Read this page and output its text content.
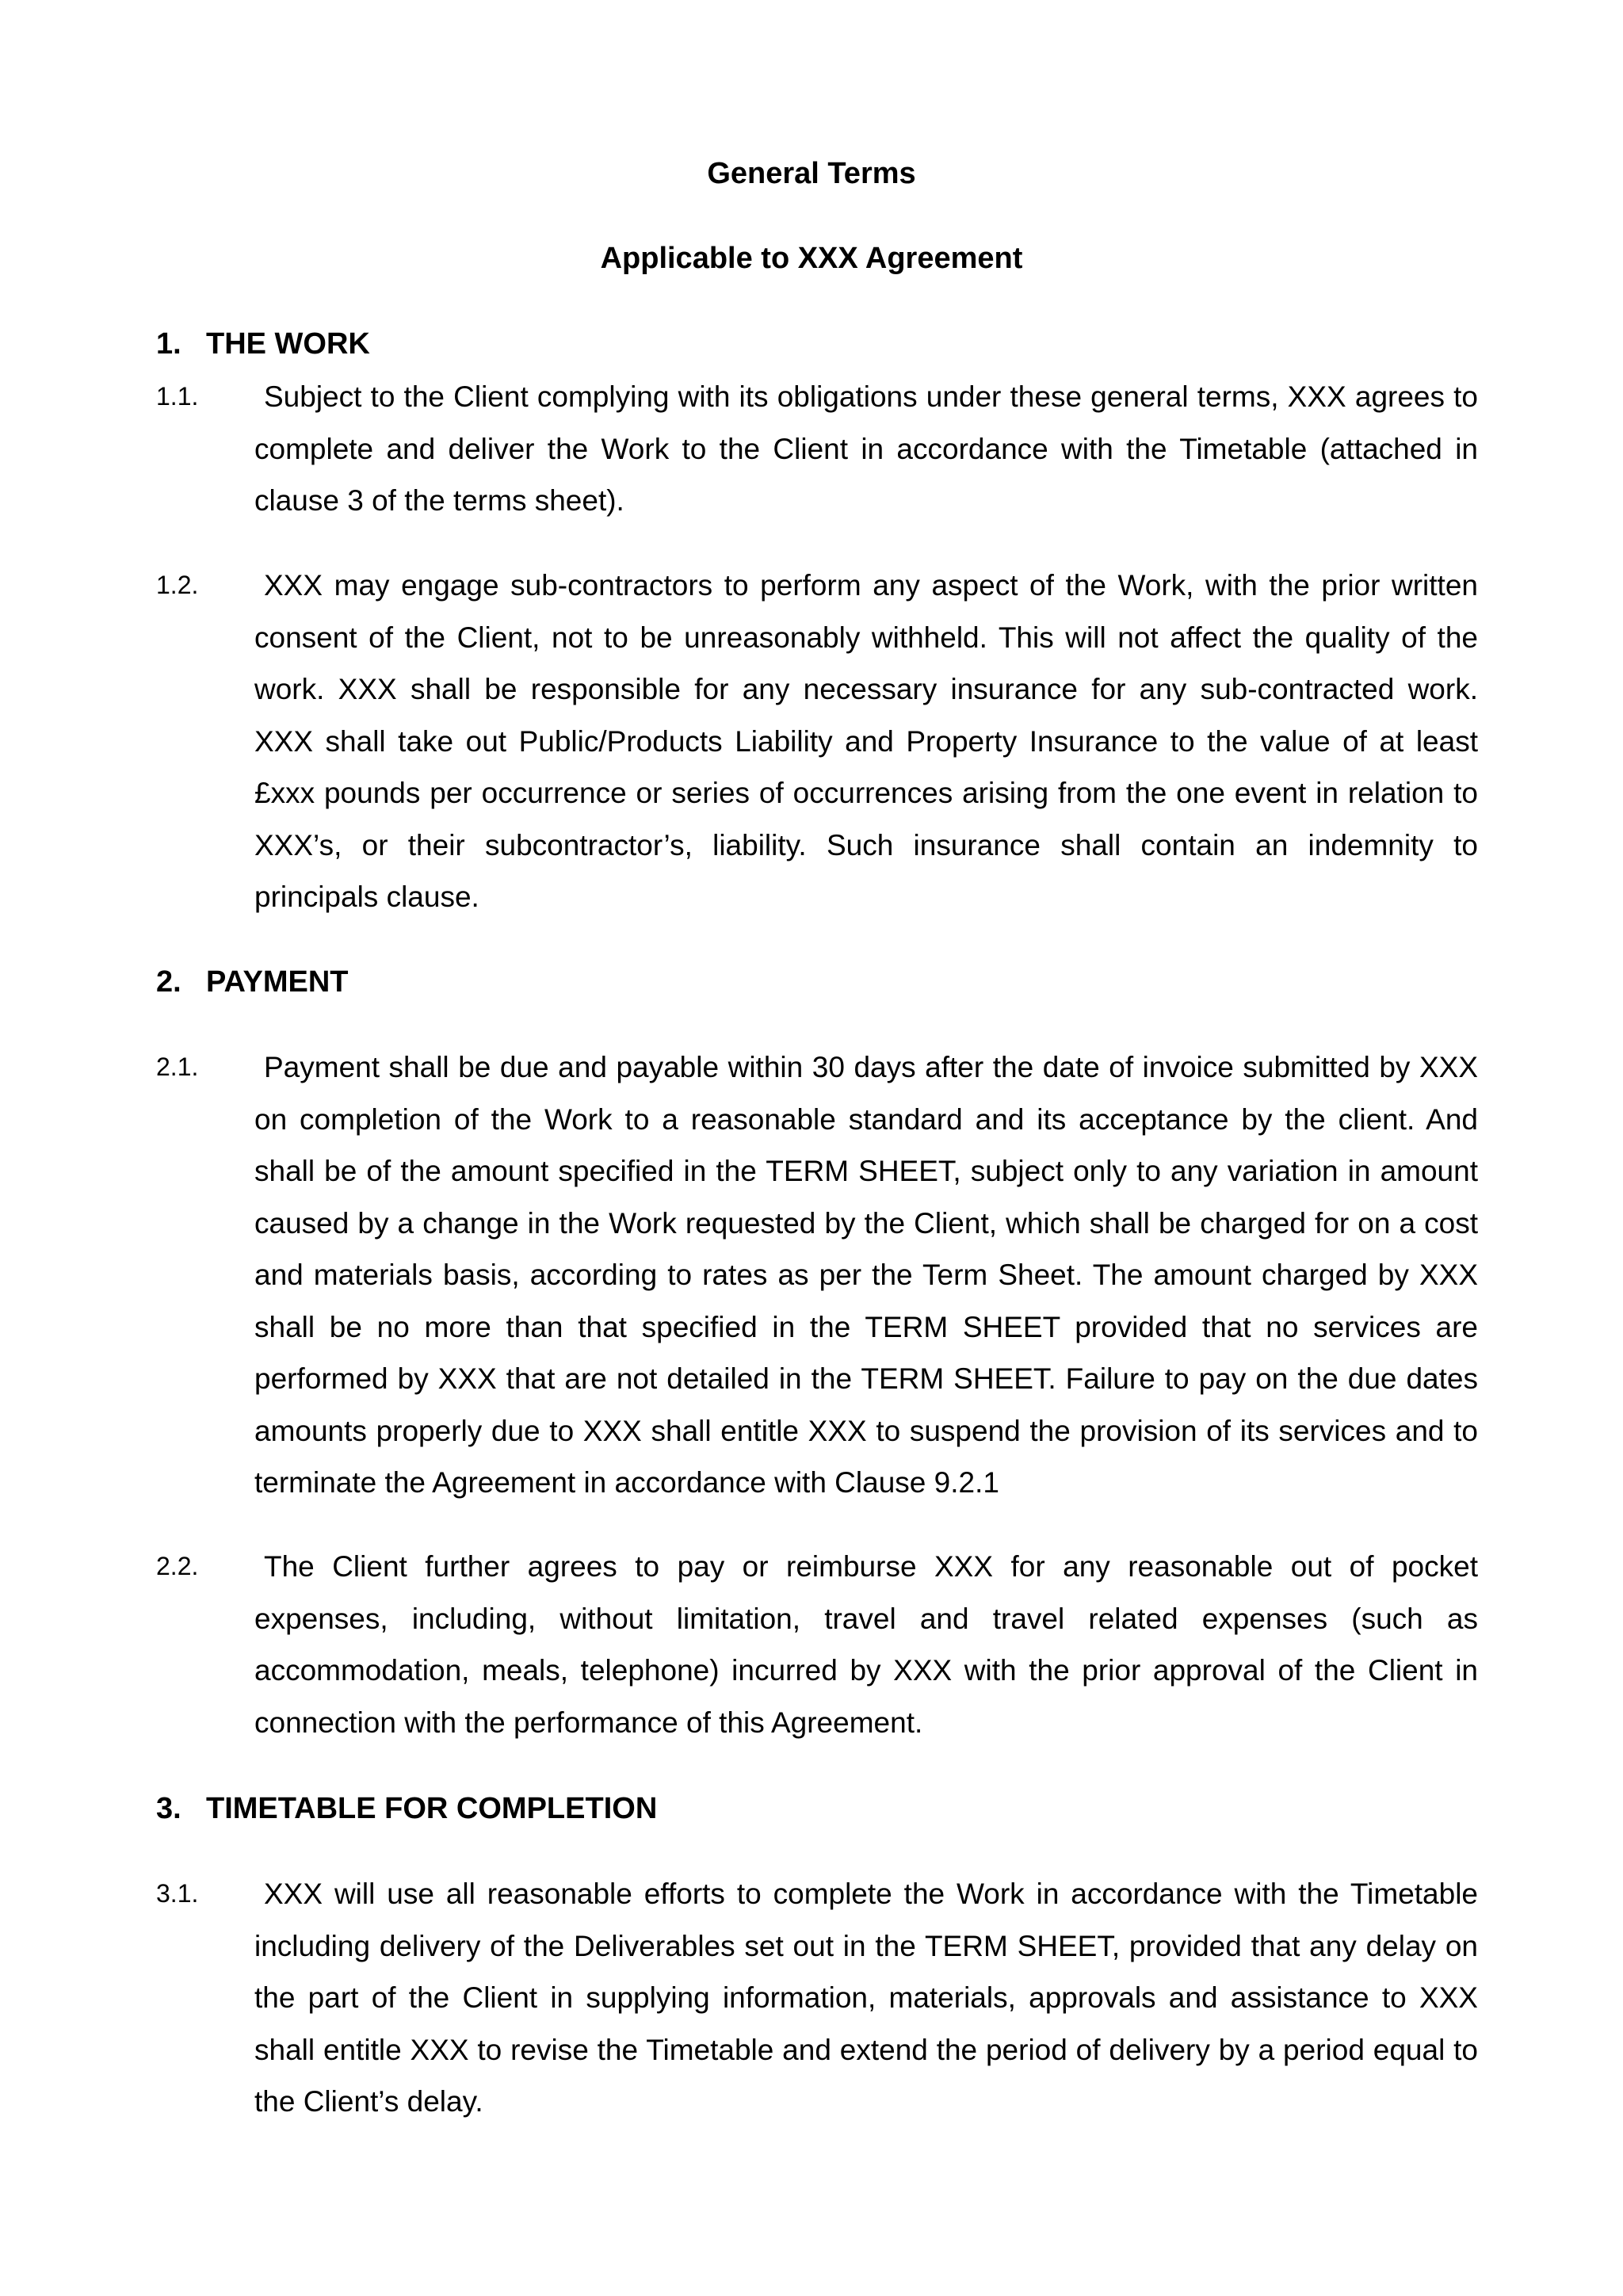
General Terms
Applicable to XXX Agreement
1. THE WORK
1.1.	Subject to the Client complying with its obligations under these general terms, XXX agrees to complete and deliver the Work to the Client in accordance with the Timetable (attached in clause 3 of the terms sheet).
1.2.	XXX may engage sub-contractors to perform any aspect of the Work, with the prior written consent of the Client, not to be unreasonably withheld. This will not affect the quality of the work. XXX shall be responsible for any necessary insurance for any sub-contracted work. XXX shall take out Public/Products Liability and Property Insurance to the value of at least £xxx pounds per occurrence or series of occurrences arising from the one event in relation to XXX’s, or their subcontractor’s, liability. Such insurance shall contain an indemnity to principals clause.
2. PAYMENT
2.1.	Payment shall be due and payable within 30 days after the date of invoice submitted by XXX on completion of the Work to a reasonable standard and its acceptance by the client. And shall be of the amount specified in the TERM SHEET, subject only to any variation in amount caused by a change in the Work requested by the Client, which shall be charged for on a cost and materials basis, according to rates as per the Term Sheet. The amount charged by XXX shall be no more than that specified in the TERM SHEET provided that no services are performed by XXX that are not detailed in the TERM SHEET. Failure to pay on the due dates amounts properly due to XXX shall entitle XXX to suspend the provision of its services and to terminate the Agreement in accordance with Clause 9.2.1
2.2.	The Client further agrees to pay or reimburse XXX for any reasonable out of pocket expenses, including, without limitation, travel and travel related expenses (such as accommodation, meals, telephone) incurred by XXX with the prior approval of the Client in connection with the performance of this Agreement.
3. TIMETABLE FOR COMPLETION
3.1.	XXX will use all reasonable efforts to complete the Work in accordance with the Timetable including delivery of the Deliverables set out in the TERM SHEET, provided that any delay on the part of the Client in supplying information, materials, approvals and assistance to XXX shall entitle XXX to revise the Timetable and extend the period of delivery by a period equal to the Client’s delay.
